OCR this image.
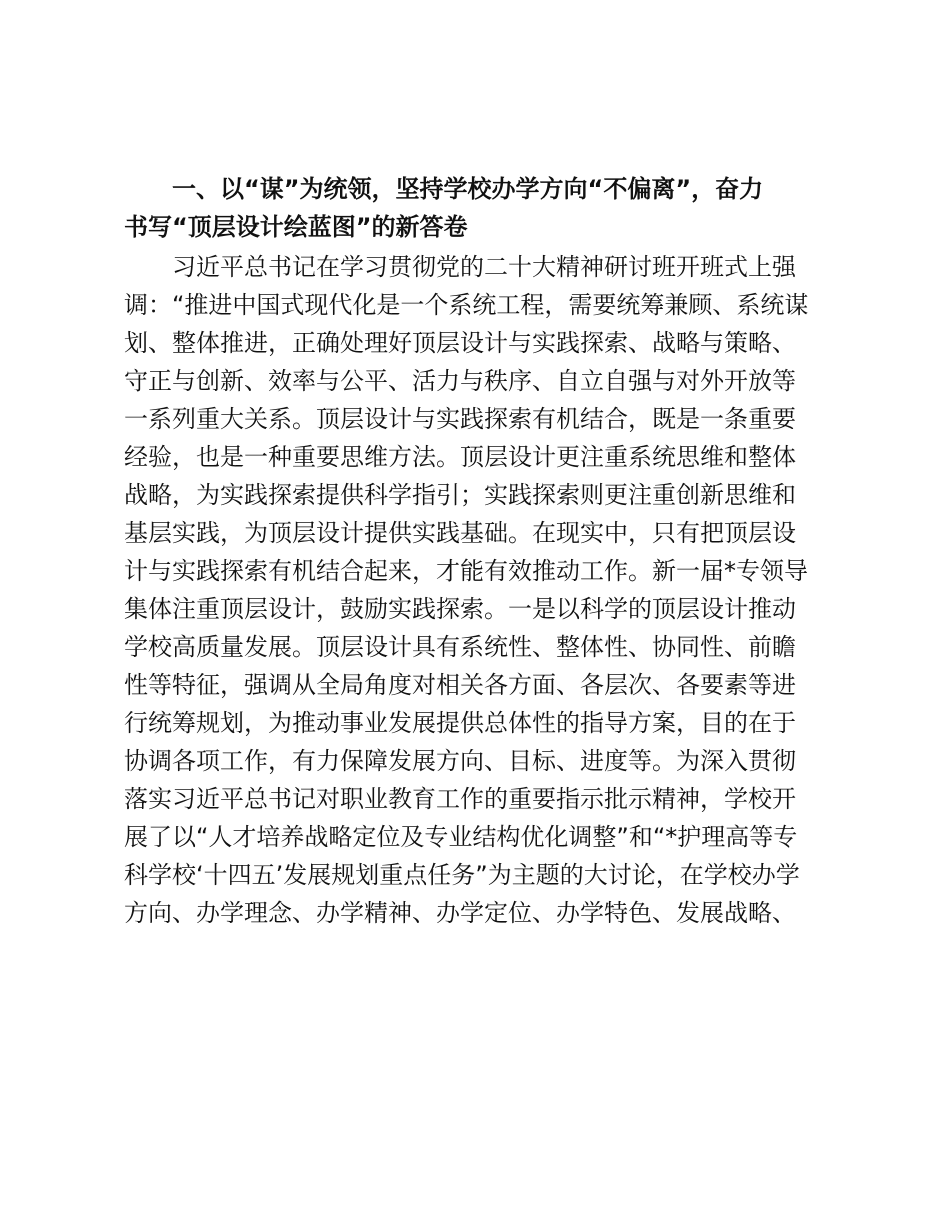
一、以“谋”为统领，坚持学校办学方向“不偏离”，奋力
书写“顶层设计绘蓝图”的新答卷
习近平总书记在学习贯彻党的二十大精神研讨班开班式上强
调：“推进中国式现代化是一个系统工程，需要统筹兼顾、系统谋
划、整体推进，正确处理好顶层设计与实践探索、战略与策略、
守正与创新、效率与公平、活力与秩序、自立自强与对外开放等
一系列重大关系。顶层设计与实践探索有机结合，既是一条重要
经验，也是一种重要思维方法。顶层设计更注重系统思维和整体
战略，为实践探索提供科学指引；实践探索则更注重创新思维和
基层实践，为顶层设计提供实践基础。在现实中，只有把顶层设
计与实践探索有机结合起来，才能有效推动工作。新一届*专领导
集体注重顶层设计，鼓励实践探索。一是以科学的顶层设计推动
学校高质量发展。顶层设计具有系统性、整体性、协同性、前瞻
性等特征，强调从全局角度对相关各方面、各层次、各要素等进
行统筹规划，为推动事业发展提供总体性的指导方案，目的在于
协调各项工作，有力保障发展方向、目标、进度等。为深入贯彻
落实习近平总书记对职业教育工作的重要指示批示精神，学校开
展了以“人才培养战略定位及专业结构优化调整”和“*护理高等专
科学校‘十四五’发展规划重点任务”为主题的大讨论，在学校办学
方向、办学理念、办学精神、办学定位、办学特色、发展战略、
